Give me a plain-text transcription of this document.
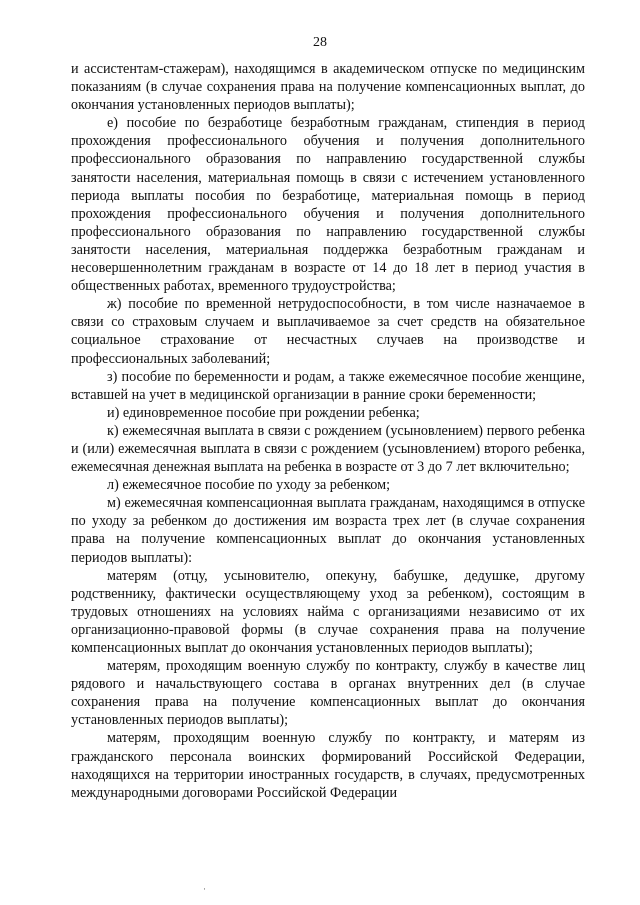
28

и ассистентам-стажерам), находящимся в академическом отпуске по медицинским показаниям (в случае сохранения права на получение компенсационных выплат, до окончания установленных периодов выплаты);

е) пособие по безработице безработным гражданам, стипендия в период прохождения профессионального обучения и получения дополнительного профессионального образования по направлению государственной службы занятости населения, материальная помощь в связи с истечением установленного периода выплаты пособия по безработице, материальная помощь в период прохождения профессионального обучения и получения дополнительного профессионального образования по направлению государственной службы занятости населения, материальная поддержка безработным гражданам и несовершеннолетним гражданам в возрасте от 14 до 18 лет в период участия в общественных работах, временного трудоустройства;

ж) пособие по временной нетрудоспособности, в том числе назначаемое в связи со страховым случаем и выплачиваемое за счет средств на обязательное социальное страхование от несчастных случаев на производстве и профессиональных заболеваний;

з) пособие по беременности и родам, а также ежемесячное пособие женщине, вставшей на учет в медицинской организации в ранние сроки беременности;

и) единовременное пособие при рождении ребенка;

к) ежемесячная выплата в связи с рождением (усыновлением) первого ребенка и (или) ежемесячная выплата в связи с рождением (усыновлением) второго ребенка, ежемесячная денежная выплата на ребенка в возрасте от 3 до 7 лет включительно;

л) ежемесячное пособие по уходу за ребенком;

м) ежемесячная компенсационная выплата гражданам, находящимся в отпуске по уходу за ребенком до достижения им возраста трех лет (в случае сохранения права на получение компенсационных выплат до окончания установленных периодов выплаты):

матерям (отцу, усыновителю, опекуну, бабушке, дедушке, другому родственнику, фактически осуществляющему уход за ребенком), состоящим в трудовых отношениях на условиях найма с организациями независимо от их организационно-правовой формы (в случае сохранения права на получение компенсационных выплат до окончания установленных периодов выплаты);

матерям, проходящим военную службу по контракту, службу в качестве лиц рядового и начальствующего состава в органах внутренних дел (в случае сохранения права на получение компенсационных выплат до окончания установленных периодов выплаты);

матерям, проходящим военную службу по контракту, и матерям из гражданского персонала воинских формирований Российской Федерации, находящихся на территории иностранных государств, в случаях, предусмотренных международными договорами Российской Федерации

·
